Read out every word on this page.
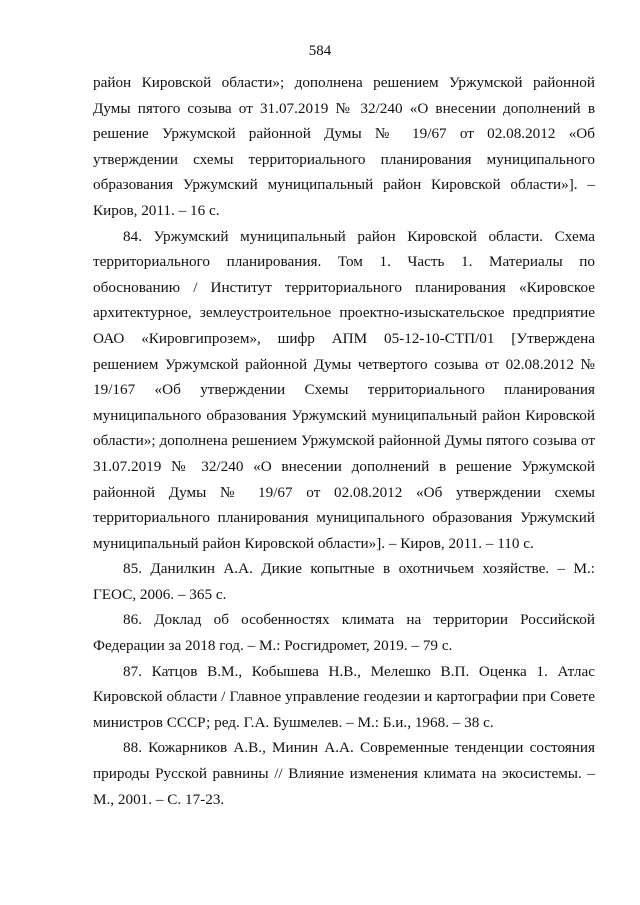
584

район Кировской области»; дополнена решением Уржумской районной Думы пятого созыва от 31.07.2019 № 32/240 «О внесении дополнений в решение Уржумской районной Думы № 19/67 от 02.08.2012 «Об утверждении схемы территориального планирования муниципального образования Уржумский муниципальный район Кировской области»]. – Киров, 2011. – 16 с.

84. Уржумский муниципальный район Кировской области. Схема территориального планирования. Том 1. Часть 1. Материалы по обоснованию / Институт территориального планирования «Кировское архитектурное, землеустроительное проектно-изыскательское предприятие ОАО «Кировгипрозем», шифр АПМ 05-12-10-СТП/01 [Утверждена решением Уржумской районной Думы четвертого созыва от 02.08.2012 № 19/167 «Об утверждении Схемы территориального планирования муниципального образования Уржумский муниципальный район Кировской области»; дополнена решением Уржумской районной Думы пятого созыва от 31.07.2019 № 32/240 «О внесении дополнений в решение Уржумской районной Думы № 19/67 от 02.08.2012 «Об утверждении схемы территориального планирования муниципального образования Уржумский муниципальный район Кировской области»]. – Киров, 2011. – 110 с.

85. Данилкин А.А. Дикие копытные в охотничьем хозяйстве. – М.: ГЕОС, 2006. – 365 с.

86. Доклад об особенностях климата на территории Российской Федерации за 2018 год. – М.: Росгидромет, 2019. – 79 с.

87. Катцов В.М., Кобышева Н.В., Мелешко В.П. Оценка 1. Атлас Кировской области / Главное управление геодезии и картографии при Совете министров СССР; ред. Г.А. Бушмелев. – М.: Б.и., 1968. – 38 с.

88. Кожарников А.В., Минин А.А. Современные тенденции состояния природы Русской равнины // Влияние изменения климата на экосистемы. – М., 2001. – С. 17-23.
